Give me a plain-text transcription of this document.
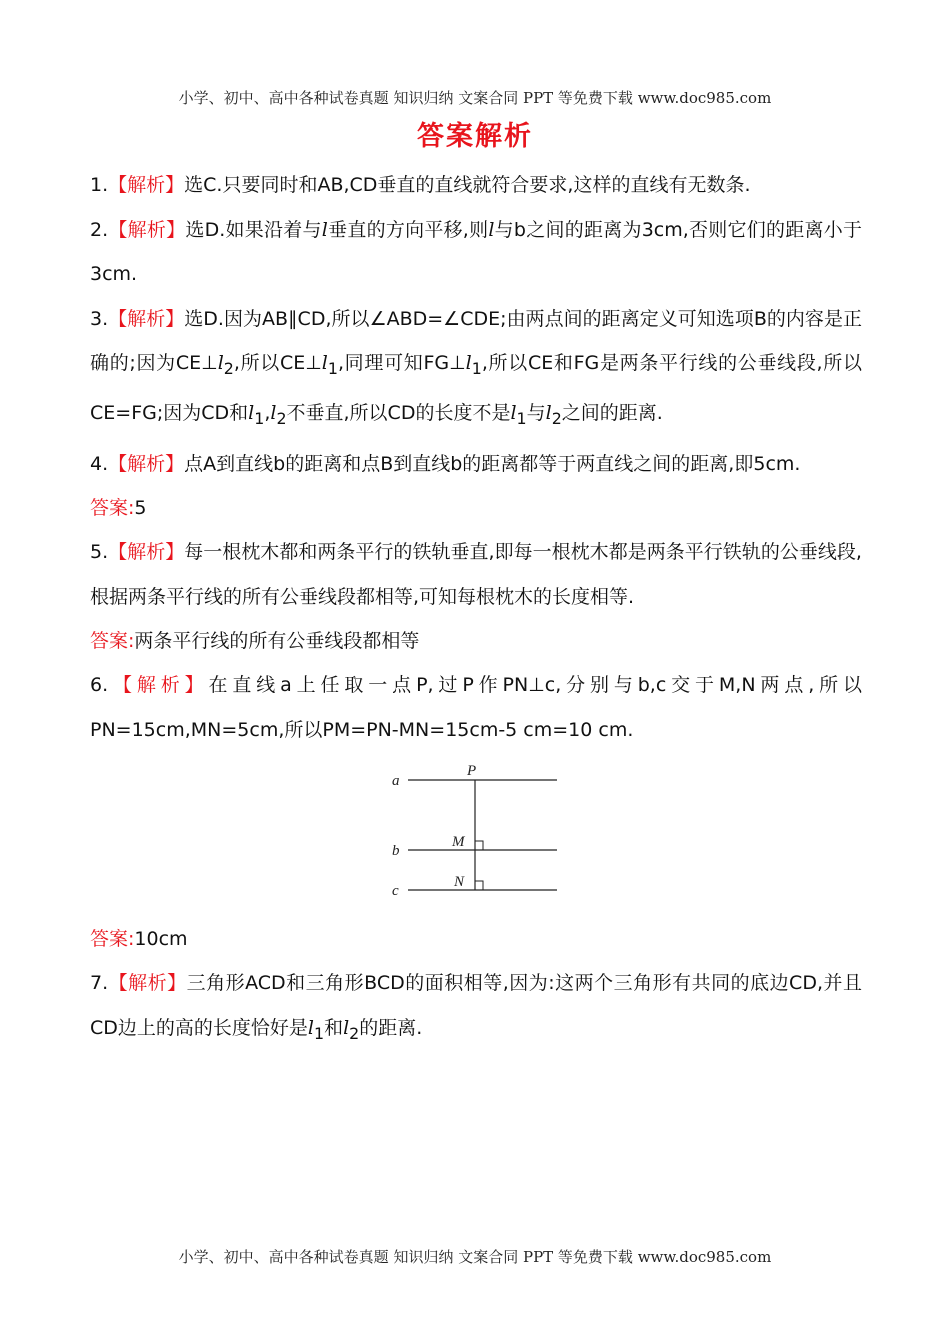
小学、初中、高中各种试卷真题 知识归纳 文案合同 PPT 等免费下载 www.doc985.com
答案解析

1.【解析】选C.只要同时和AB,CD垂直的直线就符合要求,这样的直线有无数条.

2.【解析】选D.如果沿着与l垂直的方向平移,则l与b之间的距离为3cm,否则它们的距离小于3cm.

3.【解析】选D.因为AB∥CD,所以∠ABD=∠CDE;由两点间的距离定义可知选项B的内容是正确的;因为$CE\perp l_2$,所以$CE\perp l_1$,同理可知$FG\perp l_1$,所以CE和FG是两条平行线的公垂线段,所以CE=FG;因为CD和$l_1,l_2$不垂直,所以CD的长度不是$l_1$与$l_2$之间的距离.

4.【解析】点A到直线b的距离和点B到直线b的距离都等于两直线之间的距离,即5cm.

答案:5

5.【解析】每一根枕木都和两条平行的铁轨垂直,即每一根枕木都是两条平行铁轨的公垂线段,根据两条平行线的所有公垂线段都相等,可知每根枕木的长度相等.

答案:两条平行线的所有公垂线段都相等

6.【解析】在直线a上任取一点P,过P作PN⊥c,分别与b,c交于M,N两点,所以PN=15cm,MN=5cm,所以PM=PN-MN=15cm-5 cm=10 cm.

a
b
c
P
M
N

答案:10cm

7.【解析】三角形ACD和三角形BCD的面积相等,因为:这两个三角形有共同的底边CD,并且CD边上的高的长度恰好是$l_1$和$l_2$的距离.

小学、初中、高中各种试卷真题 知识归纳 文案合同 PPT 等免费下载 www.doc985.com
